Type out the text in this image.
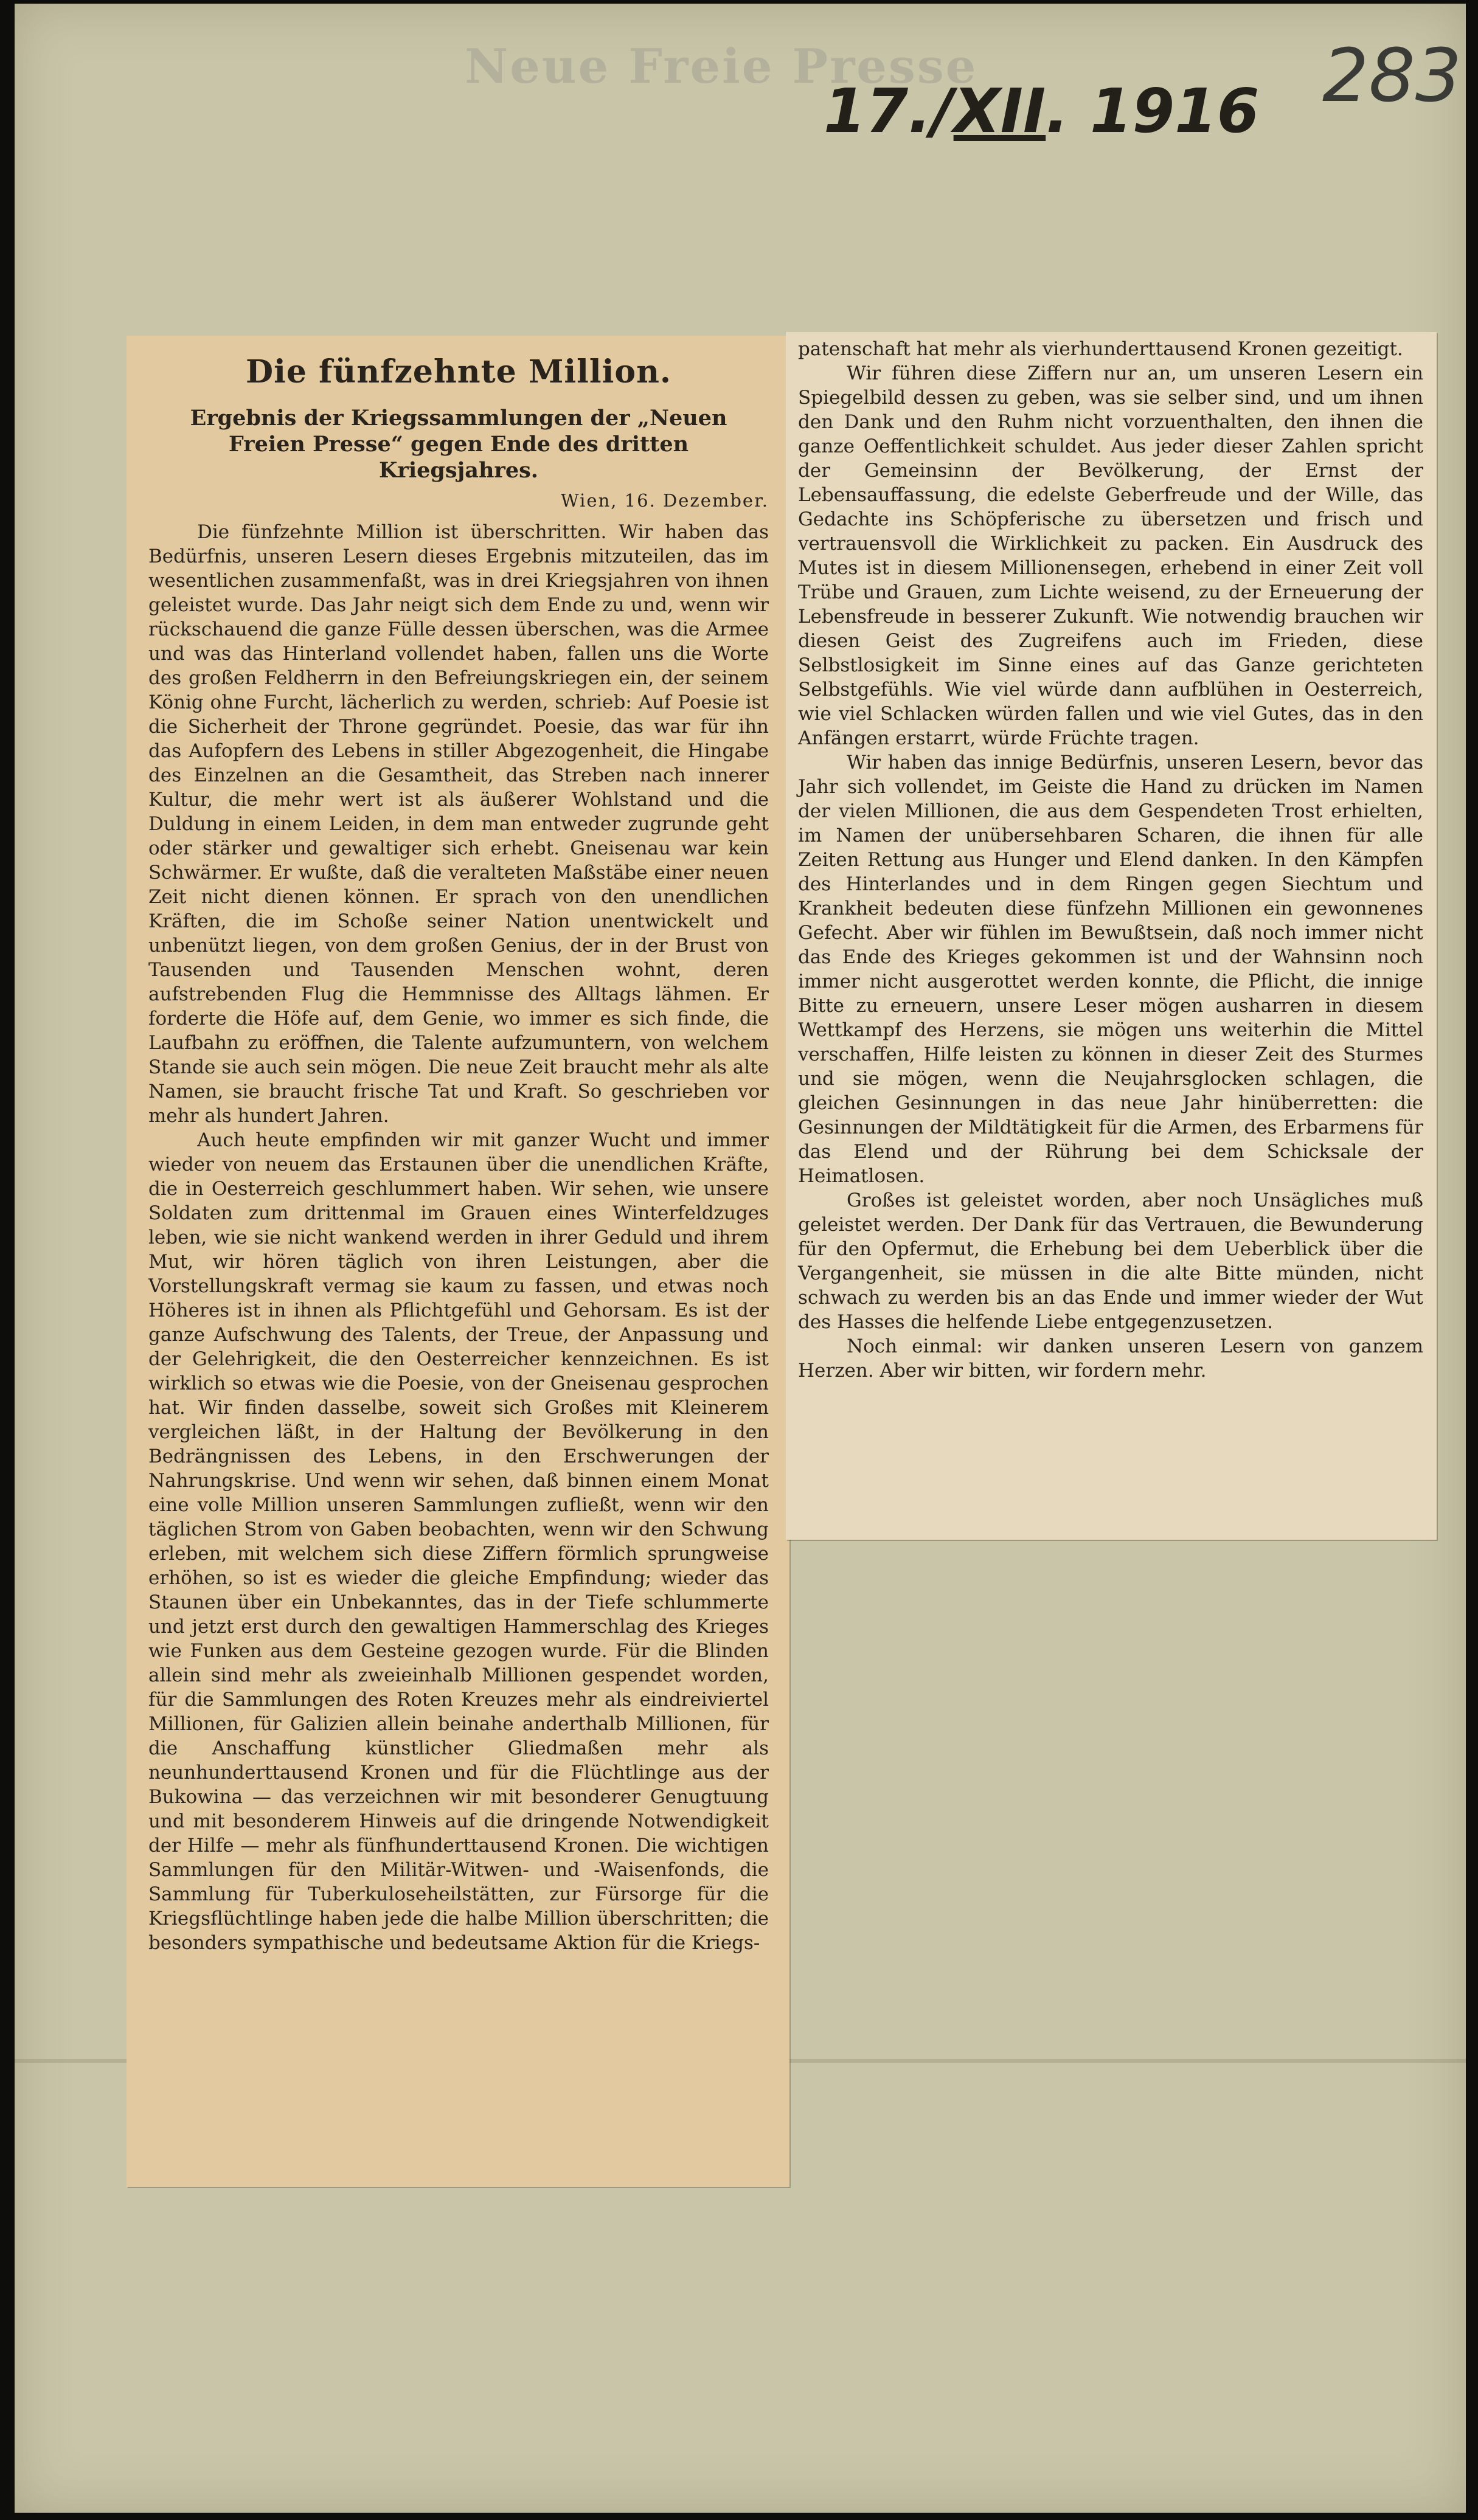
Neue Freie Presse
17./XII. 1916 283
Die fünfzehnte Million.
Ergebnis der Kriegssammlungen der „Neuen Freien Presse“ gegen Ende des dritten Kriegsjahres.
Wien, 16. Dezember.

Die fünfzehnte Million ist überschritten. Wir haben das Bedürfnis, unseren Lesern dieses Ergebnis mitzuteilen, das im wesentlichen zusammenfaßt, was in drei Kriegsjahren von ihnen geleistet wurde. Das Jahr neigt sich dem Ende zu und, wenn wir rückschauend die ganze Fülle dessen überschen, was die Armee und was das Hinterland vollendet haben, fallen uns die Worte des großen Feldherrn in den Befreiungskriegen ein, der seinem König ohne Furcht, lächerlich zu werden, schrieb: Auf Poesie ist die Sicherheit der Throne gegründet. Poesie, das war für ihn das Aufopfern des Lebens in stiller Abgezogenheit, die Hingabe des Einzelnen an die Gesamtheit, das Streben nach innerer Kultur, die mehr wert ist als äußerer Wohlstand und die Duldung in einem Leiden, in dem man entweder zugrunde geht oder stärker und gewaltiger sich erhebt. Gneisenau war kein Schwärmer. Er wußte, daß die veralteten Maßstäbe einer neuen Zeit nicht dienen können. Er sprach von den unendlichen Kräften, die im Schoße seiner Nation unentwickelt und unbenützt liegen, von dem großen Genius, der in der Brust von Tausenden und Tausenden Menschen wohnt, deren aufstrebenden Flug die Hemmnisse des Alltags lähmen. Er forderte die Höfe auf, dem Genie, wo immer es sich finde, die Laufbahn zu eröffnen, die Talente aufzumuntern, von welchem Stande sie auch sein mögen. Die neue Zeit braucht mehr als alte Namen, sie braucht frische Tat und Kraft. So geschrieben vor mehr als hundert Jahren.

Auch heute empfinden wir mit ganzer Wucht und immer wieder von neuem das Erstaunen über die unendlichen Kräfte, die in Oesterreich geschlummert haben. Wir sehen, wie unsere Soldaten zum drittenmal im Grauen eines Winterfeldzuges leben, wie sie nicht wankend werden in ihrer Geduld und ihrem Mut, wir hören täglich von ihren Leistungen, aber die Vorstellungskraft vermag sie kaum zu fassen, und etwas noch Höheres ist in ihnen als Pflichtgefühl und Gehorsam. Es ist der ganze Aufschwung des Talents, der Treue, der Anpassung und der Gelehrigkeit, die den Oesterreicher kennzeichnen. Es ist wirklich so etwas wie die Poesie, von der Gneisenau gesprochen hat. Wir finden dasselbe, soweit sich Großes mit Kleinerem vergleichen läßt, in der Haltung der Bevölkerung in den Bedrängnissen des Lebens, in den Erschwerungen der Nahrungskrise. Und wenn wir sehen, daß binnen einem Monat eine volle Million unseren Sammlungen zufließt, wenn wir den täglichen Strom von Gaben beobachten, wenn wir den Schwung erleben, mit welchem sich diese Ziffern förmlich sprungweise erhöhen, so ist es wieder die gleiche Empfindung; wieder das Staunen über ein Unbekanntes, das in der Tiefe schlummerte und jetzt erst durch den gewaltigen Hammerschlag des Krieges wie Funken aus dem Gesteine gezogen wurde. Für die Blinden allein sind mehr als zweieinhalb Millionen gespendet worden, für die Sammlungen des Roten Kreuzes mehr als eindreiviertel Millionen, für Galizien allein beinahe anderthalb Millionen, für die Anschaffung künstlicher Gliedmaßen mehr als neunhunderttausend Kronen und für die Flüchtlinge aus der Bukowina — das verzeichnen wir mit besonderer Genugtuung und mit besonderem Hinweis auf die dringende Notwendigkeit der Hilfe — mehr als fünfhunderttausend Kronen. Die wichtigen Sammlungen für den Militär-Witwen- und -Waisenfonds, die Sammlung für Tuberkuloseheilstätten, zur Fürsorge für die Kriegsflüchtlinge haben jede die halbe Million überschritten; die besonders sympathische und bedeutsame Aktion für die Kriegs-

patenschaft hat mehr als vierhunderttausend Kronen gezeitigt.

Wir führen diese Ziffern nur an, um unseren Lesern ein Spiegelbild dessen zu geben, was sie selber sind, und um ihnen den Dank und den Ruhm nicht vorzuenthalten, den ihnen die ganze Oeffentlichkeit schuldet. Aus jeder dieser Zahlen spricht der Gemeinsinn der Bevölkerung, der Ernst der Lebensauffassung, die edelste Geberfreude und der Wille, das Gedachte ins Schöpferische zu übersetzen und frisch und vertrauensvoll die Wirklichkeit zu packen. Ein Ausdruck des Mutes ist in diesem Millionensegen, erhebend in einer Zeit voll Trübe und Grauen, zum Lichte weisend, zu der Erneuerung der Lebensfreude in besserer Zukunft. Wie notwendig brauchen wir diesen Geist des Zugreifens auch im Frieden, diese Selbstlosigkeit im Sinne eines auf das Ganze gerichteten Selbstgefühls. Wie viel würde dann aufblühen in Oesterreich, wie viel Schlacken würden fallen und wie viel Gutes, das in den Anfängen erstarrt, würde Früchte tragen.

Wir haben das innige Bedürfnis, unseren Lesern, bevor das Jahr sich vollendet, im Geiste die Hand zu drücken im Namen der vielen Millionen, die aus dem Gespendeten Trost erhielten, im Namen der unübersehbaren Scharen, die ihnen für alle Zeiten Rettung aus Hunger und Elend danken. In den Kämpfen des Hinterlandes und in dem Ringen gegen Siechtum und Krankheit bedeuten diese fünfzehn Millionen ein gewonnenes Gefecht. Aber wir fühlen im Bewußtsein, daß noch immer nicht das Ende des Krieges gekommen ist und der Wahnsinn noch immer nicht ausgerottet werden konnte, die Pflicht, die innige Bitte zu erneuern, unsere Leser mögen ausharren in diesem Wettkampf des Herzens, sie mögen uns weiterhin die Mittel verschaffen, Hilfe leisten zu können in dieser Zeit des Sturmes und sie mögen, wenn die Neujahrsglocken schlagen, die gleichen Gesinnungen in das neue Jahr hinüberretten: die Gesinnungen der Mildtätigkeit für die Armen, des Erbarmens für das Elend und der Rührung bei dem Schicksale der Heimatlosen.

Großes ist geleistet worden, aber noch Unsägliches muß geleistet werden. Der Dank für das Vertrauen, die Bewunderung für den Opfermut, die Erhebung bei dem Ueberblick über die Vergangenheit, sie müssen in die alte Bitte münden, nicht schwach zu werden bis an das Ende und immer wieder der Wut des Hasses die helfende Liebe entgegenzusetzen.

Noch einmal: wir danken unseren Lesern von ganzem Herzen. Aber wir bitten, wir fordern mehr.
